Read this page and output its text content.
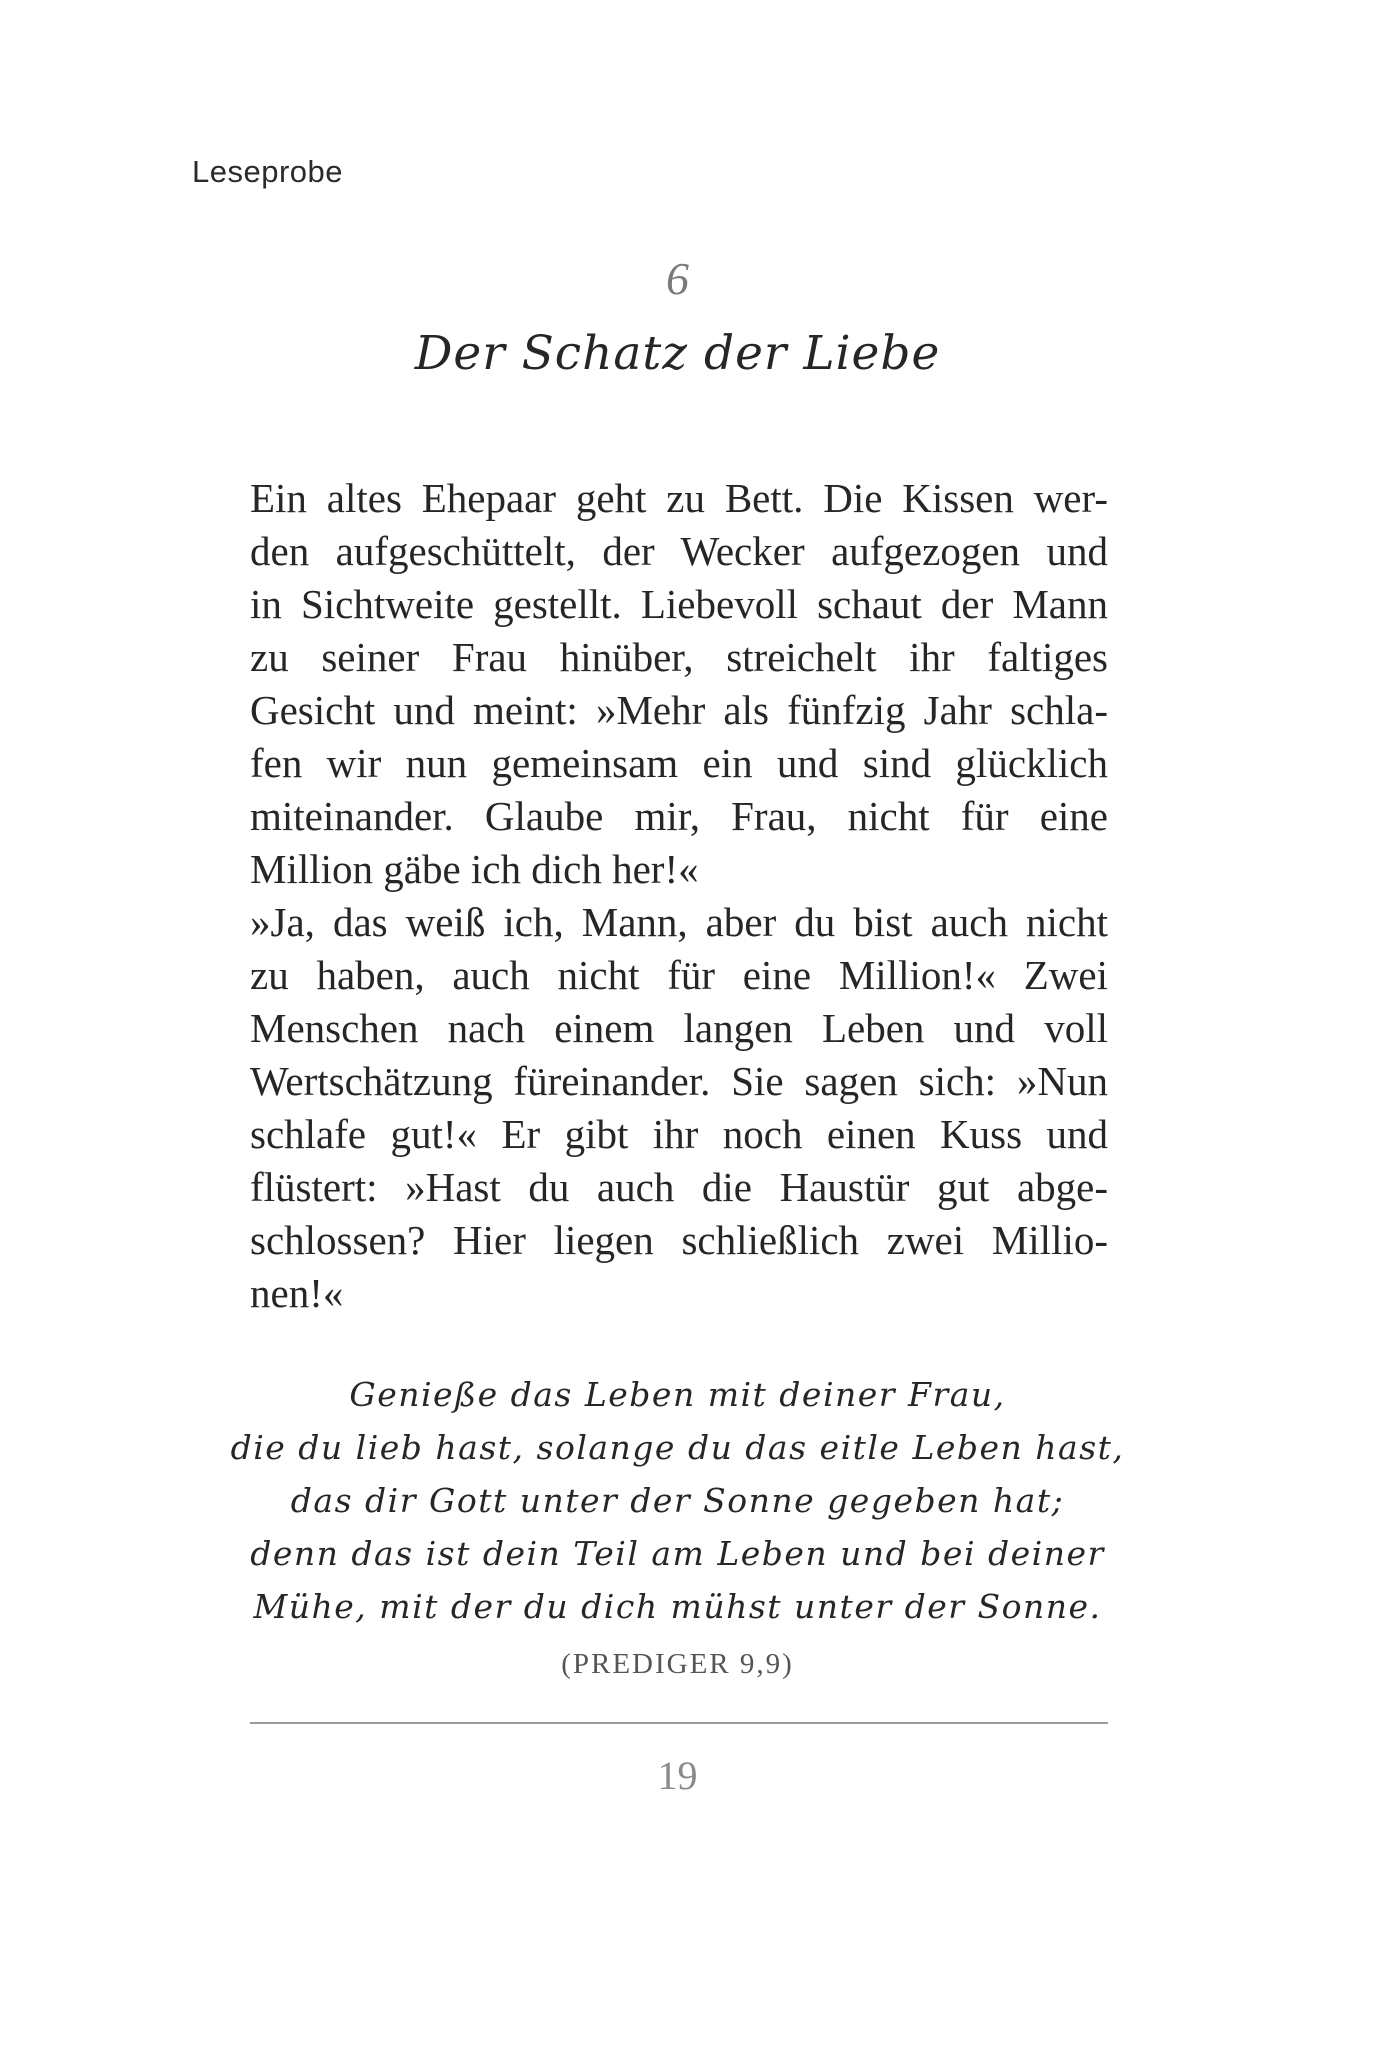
Leseprobe
6
Der Schatz der Liebe
Ein altes Ehepaar geht zu Bett. Die Kissen wer-
den aufgeschüttelt, der Wecker aufgezogen und
in Sichtweite gestellt. Liebevoll schaut der Mann
zu seiner Frau hinüber, streichelt ihr faltiges
Gesicht und meint: »Mehr als fünfzig Jahr schla-
fen wir nun gemeinsam ein und sind glücklich
miteinander. Glaube mir, Frau, nicht für eine
Million gäbe ich dich her!«
»Ja, das weiß ich, Mann, aber du bist auch nicht
zu haben, auch nicht für eine Million!« Zwei
Menschen nach einem langen Leben und voll
Wertschätzung füreinander. Sie sagen sich: »Nun
schlafe gut!« Er gibt ihr noch einen Kuss und
flüstert: »Hast du auch die Haustür gut abge-
schlossen? Hier liegen schließlich zwei Millio-
nen!«
Genieße das Leben mit deiner Frau,
die du lieb hast, solange du das eitle Leben hast,
das dir Gott unter der Sonne gegeben hat;
denn das ist dein Teil am Leben und bei deiner
Mühe, mit der du dich mühst unter der Sonne.
(PREDIGER 9,9)
19
